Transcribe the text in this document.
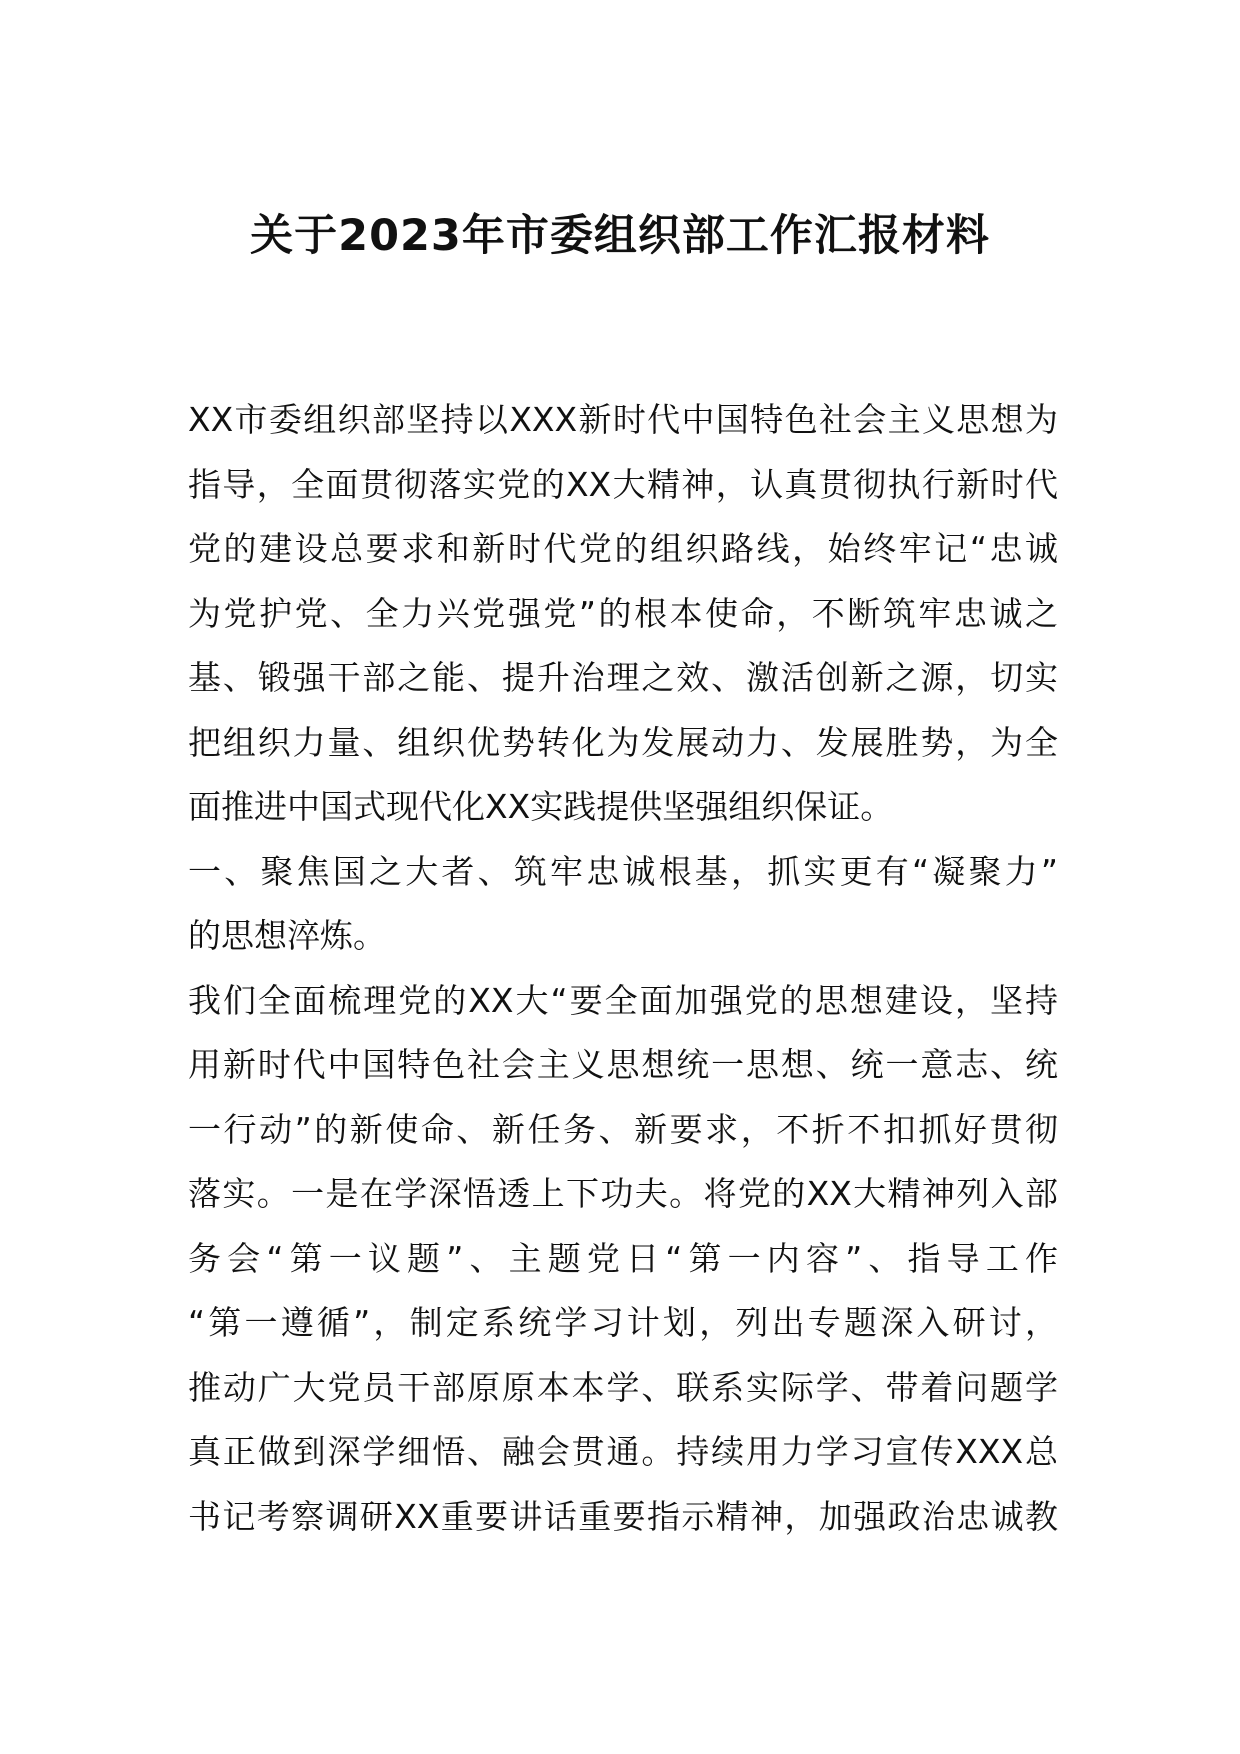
关于2023年市委组织部工作汇报材料
XX市委组织部坚持以XXX新时代中国特色社会主义思想为
指导，全面贯彻落实党的XX大精神，认真贯彻执行新时代
党的建设总要求和新时代党的组织路线，始终牢记“忠诚
为党护党、全力兴党强党”的根本使命，不断筑牢忠诚之
基、锻强干部之能、提升治理之效、激活创新之源，切实
把组织力量、组织优势转化为发展动力、发展胜势，为全
面推进中国式现代化XX实践提供坚强组织保证。
一、聚焦国之大者、筑牢忠诚根基，抓实更有“凝聚力”
的思想淬炼。
我们全面梳理党的XX大“要全面加强党的思想建设，坚持
用新时代中国特色社会主义思想统一思想、统一意志、统
一行动”的新使命、新任务、新要求，不折不扣抓好贯彻
落实。一是在学深悟透上下功夫。将党的XX大精神列入部
务会“第一议题”、主题党日“第一内容”、指导工作
“第一遵循”，制定系统学习计划，列出专题深入研讨，
推动广大党员干部原原本本学、联系实际学、带着问题学
真正做到深学细悟、融会贯通。持续用力学习宣传XXX总
书记考察调研XX重要讲话重要指示精神，加强政治忠诚教
